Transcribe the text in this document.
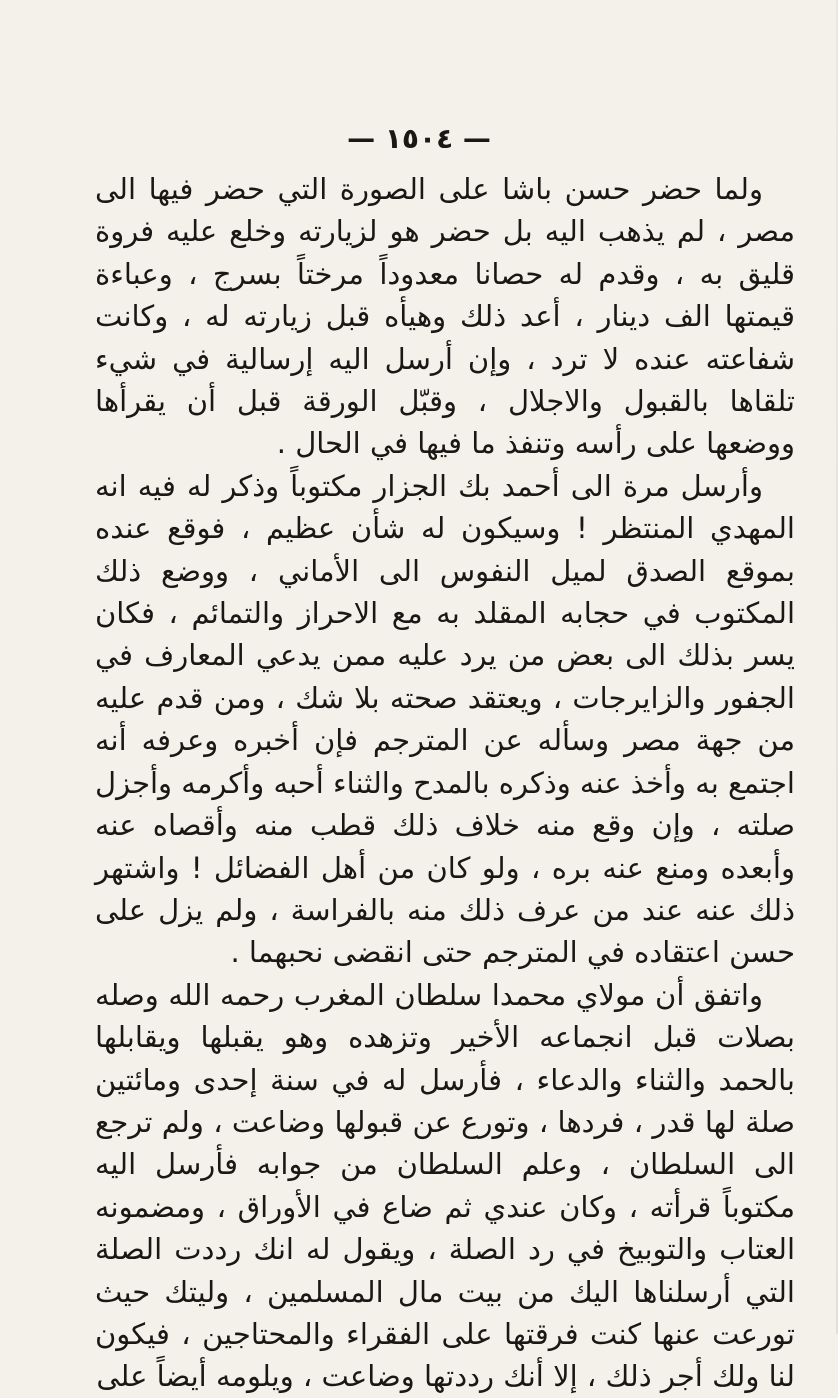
— ١٥٠٤ —

ولما حضر حسن باشا على الصورة التي حضر فيها الى مصر ، لم يذهب اليه بل حضر هو لزيارته وخلع عليه فروة قليق به ، وقدم له حصانا معدوداً مرختاً بسرج ، وعباءة قيمتها الف دينار ، أعد ذلك وهيأه قبل زيارته له ، وكانت شفاعته عنده لا ترد ، وإن أرسل اليه إرسالية في شيء تلقاها بالقبول والاجلال ، وقبّل الورقة قبل أن يقرأها ووضعها على رأسه وتنفذ ما فيها في الحال .

وأرسل مرة الى أحمد بك الجزار مكتوباً وذكر له فيه انه المهدي المنتظر ! وسيكون له شأن عظيم ، فوقع عنده بموقع الصدق لميل النفوس الى الأماني ، ووضع ذلك المكتوب في حجابه المقلد به مع الاحراز والتمائم ، فكان يسر بذلك الى بعض من يرد عليه ممن يدعي المعارف في الجفور والزايرجات ، ويعتقد صحته بلا شك ، ومن قدم عليه من جهة مصر وسأله عن المترجم فإن أخبره وعرفه أنه اجتمع به وأخذ عنه وذكره بالمدح والثناء أحبه وأكرمه وأجزل صلته ، وإن وقع منه خلاف ذلك قطب منه وأقصاه عنه وأبعده ومنع عنه بره ، ولو كان من أهل الفضائل ! واشتهر ذلك عنه عند من عرف ذلك منه بالفراسة ، ولم يزل على حسن اعتقاده في المترجم حتى انقضى نحبهما .

واتفق أن مولاي محمدا سلطان المغرب رحمه الله وصله بصلات قبل انجماعه الأخير وتزهده وهو يقبلها ويقابلها بالحمد والثناء والدعاء ، فأرسل له في سنة إحدى ومائتين صلة لها قدر ، فردها ، وتورع عن قبولها وضاعت ، ولم ترجع الى السلطان ، وعلم السلطان من جوابه فأرسل اليه مكتوباً قرأته ، وكان عندي ثم ضاع في الأوراق ، ومضمونه العتاب والتوبيخ في رد الصلة ، ويقول له انك رددت الصلة التي أرسلناها اليك من بيت مال المسلمين ، وليتك حيث تورعت عنها كنت فرقتها على الفقراء والمحتاجين ، فيكون لنا ولك أجر ذلك ، إلا أنك رددتها وضاعت ، ويلومه أيضاً على
